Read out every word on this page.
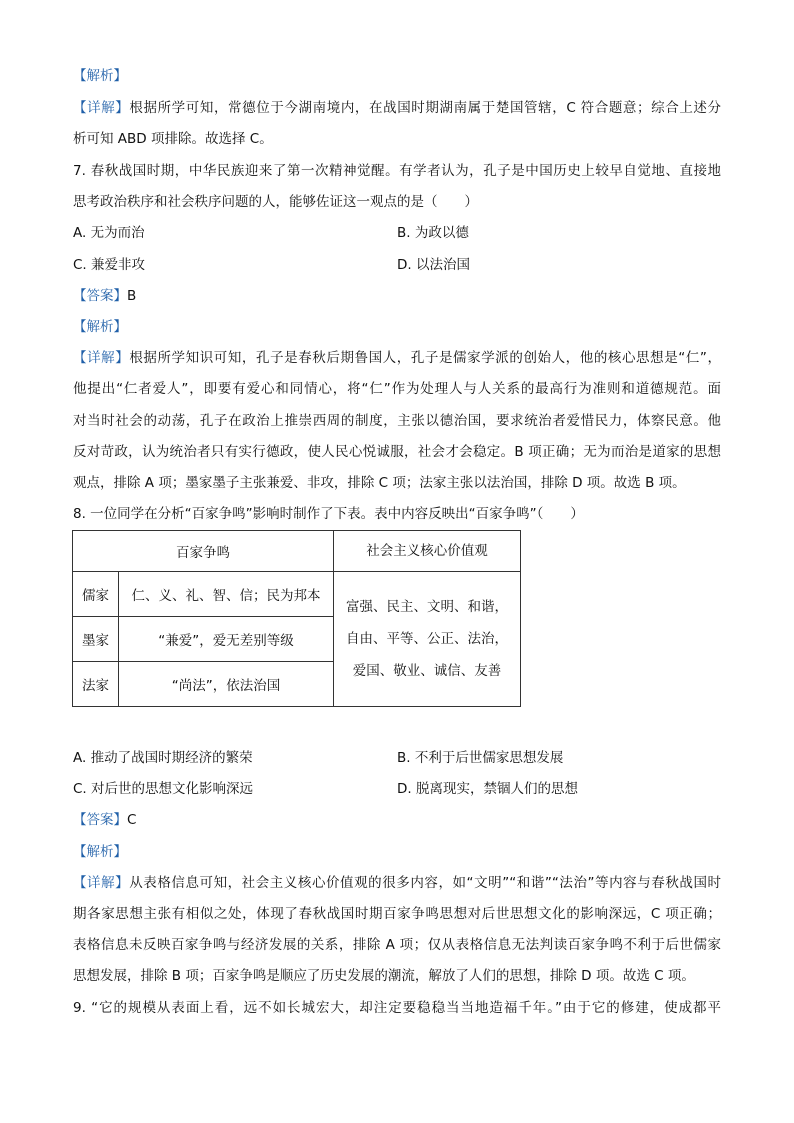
【解析】
【详解】根据所学可知，常德位于今湖南境内，在战国时期湖南属于楚国管辖，C 符合题意；综合上述分
析可知 ABD 项排除。故选择 C。
7. 春秋战国时期，中华民族迎来了第一次精神觉醒。有学者认为，孔子是中国历史上较早自觉地、直接地
思考政治秩序和社会秩序问题的人，能够佐证这一观点的是（　　）
A. 无为而治	B. 为政以德
C. 兼爱非攻	D. 以法治国
【答案】B
【解析】
【详解】根据所学知识可知，孔子是春秋后期鲁国人，孔子是儒家学派的创始人，他的核心思想是“仁”，
他提出“仁者爱人”，即要有爱心和同情心，将“仁”作为处理人与人关系的最高行为准则和道德规范。面
对当时社会的动荡，孔子在政治上推崇西周的制度，主张以德治国，要求统治者爱惜民力，体察民意。他
反对苛政，认为统治者只有实行德政，使人民心悦诚服，社会才会稳定。B 项正确；无为而治是道家的思想
观点，排除 A 项；墨家墨子主张兼爱、非攻，排除 C 项；法家主张以法治国，排除 D 项。故选 B 项。
8. 一位同学在分析“百家争鸣”影响时制作了下表。表中内容反映出“百家争鸣”（　　）
百家争鸣		社会主义核心价值观
儒家	仁、义、礼、智、信；民为邦本	富强、民主、文明、和谐，
自由、平等、公正、法治，
爱国、敬业、诚信、友善

墨家	“兼爱”，爱无差别等级	
法家	“尚法”，依法治国	
A. 推动了战国时期经济的繁荣	B. 不利于后世儒家思想发展
C. 对后世的思想文化影响深远	D. 脱离现实，禁锢人们的思想
【答案】C
【解析】
【详解】从表格信息可知，社会主义核心价值观的很多内容，如“文明”“和谐”“法治”等内容与春秋战国时
期各家思想主张有相似之处，体现了春秋战国时期百家争鸣思想对后世思想文化的影响深远，C 项正确；
表格信息未反映百家争鸣与经济发展的关系，排除 A 项；仅从表格信息无法判读百家争鸣不利于后世儒家
思想发展，排除 B 项；百家争鸣是顺应了历史发展的潮流，解放了人们的思想，排除 D 项。故选 C 项。
9. “它的规模从表面上看，远不如长城宏大，却注定要稳稳当当地造福千年。”由于它的修建，使成都平
